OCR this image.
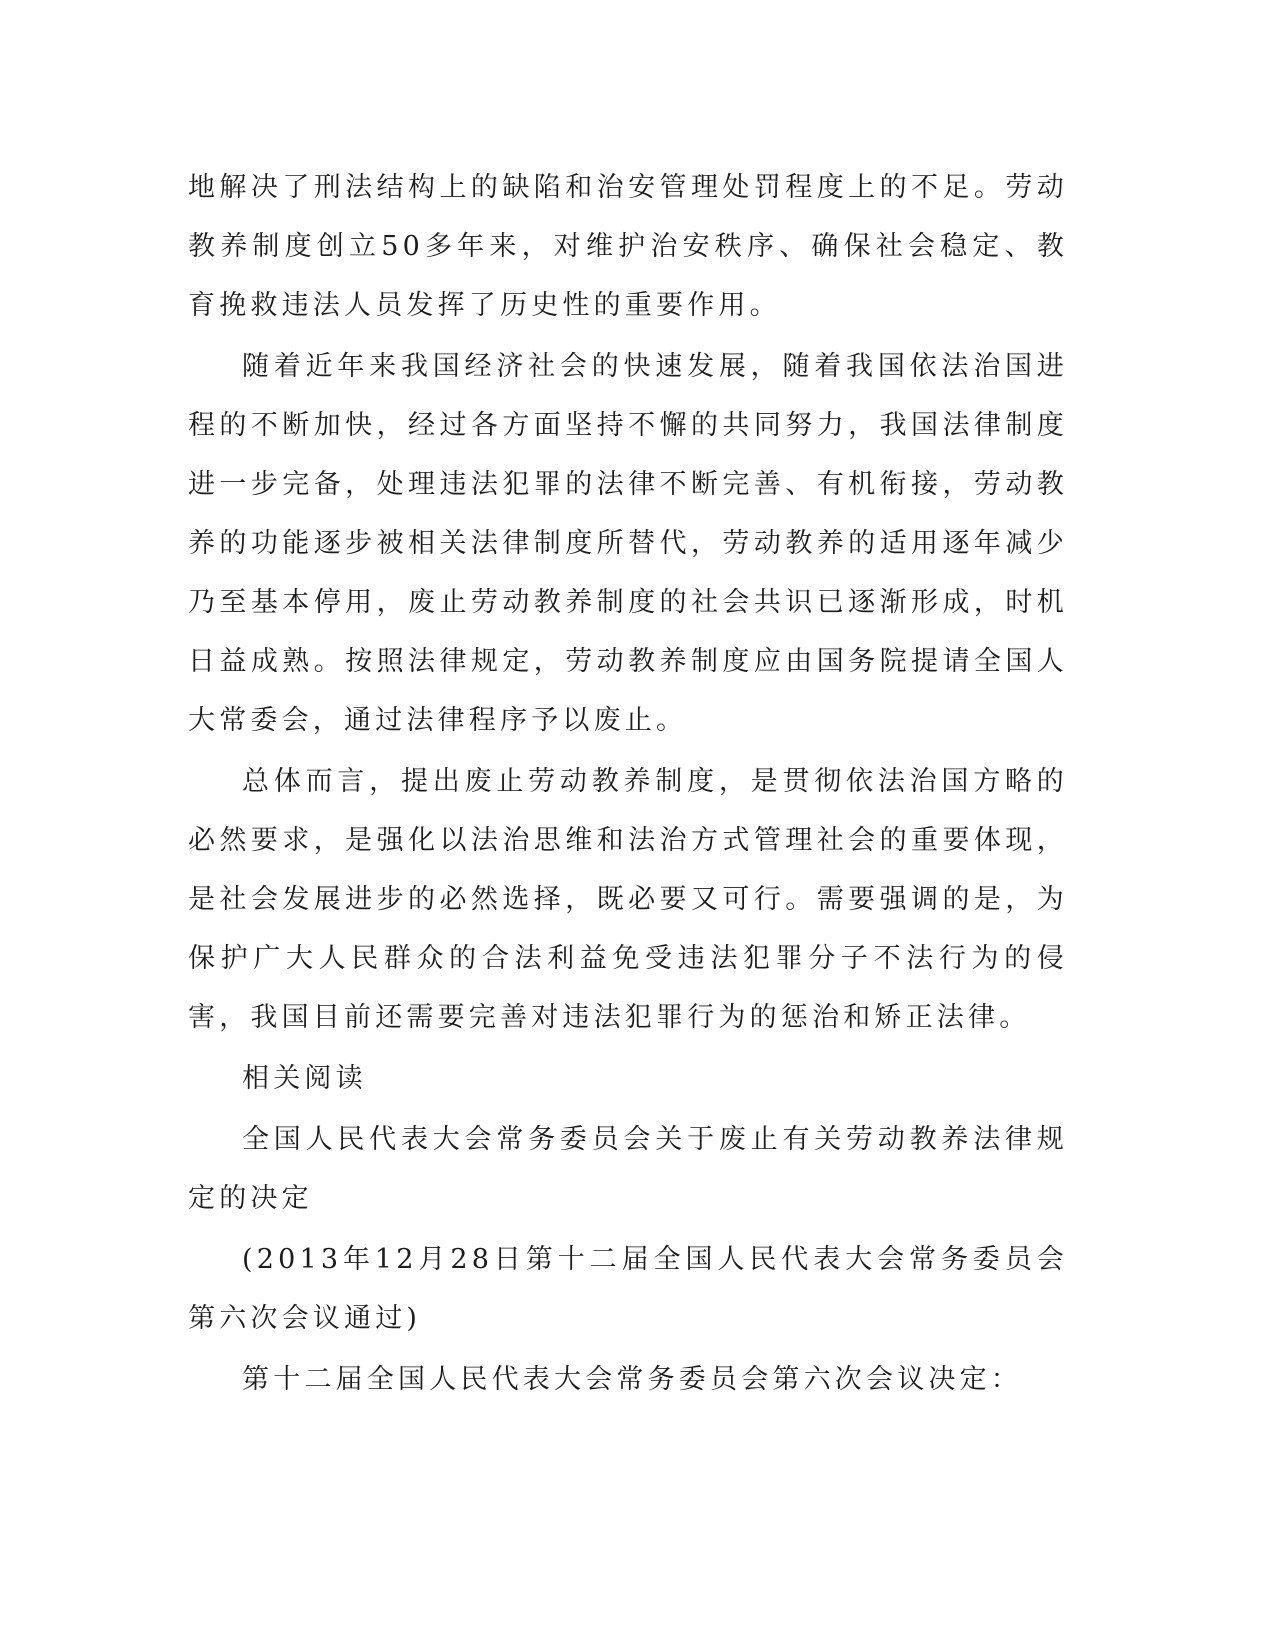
地解决了刑法结构上的缺陷和治安管理处罚程度上的不足。劳动教养制度创立50多年来，对维护治安秩序、确保社会稳定、教育挽救违法人员发挥了历史性的重要作用。

随着近年来我国经济社会的快速发展，随着我国依法治国进程的不断加快，经过各方面坚持不懈的共同努力，我国法律制度进一步完备，处理违法犯罪的法律不断完善、有机衔接，劳动教养的功能逐步被相关法律制度所替代，劳动教养的适用逐年减少乃至基本停用，废止劳动教养制度的社会共识已逐渐形成，时机日益成熟。按照法律规定，劳动教养制度应由国务院提请全国人大常委会，通过法律程序予以废止。

总体而言，提出废止劳动教养制度，是贯彻依法治国方略的必然要求，是强化以法治思维和法治方式管理社会的重要体现，是社会发展进步的必然选择，既必要又可行。需要强调的是，为保护广大人民群众的合法利益免受违法犯罪分子不法行为的侵害，我国目前还需要完善对违法犯罪行为的惩治和矫正法律。

相关阅读

全国人民代表大会常务委员会关于废止有关劳动教养法律规定的决定

(2013年12月28日第十二届全国人民代表大会常务委员会第六次会议通过)

第十二届全国人民代表大会常务委员会第六次会议决定：
